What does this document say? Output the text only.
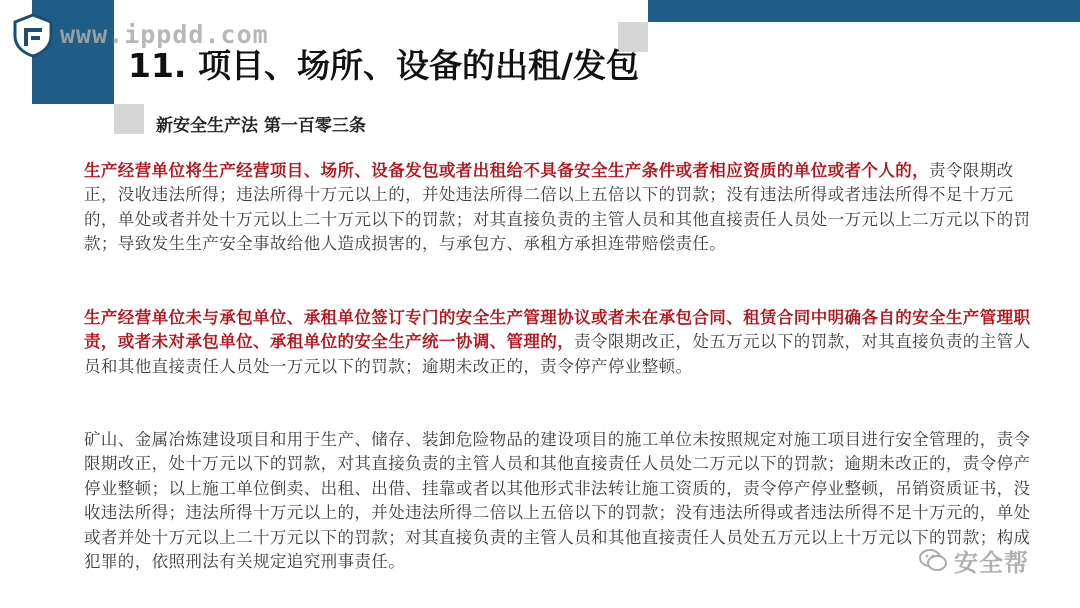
www.ippdd.com
11. 项目、场所、设备的出租/发包
新安全生产法 第一百零三条
生产经营单位将生产经营项目、场所、设备发包或者出租给不具备安全生产条件或者相应资质的单位或者个人的，责令限期改正，没收违法所得；违法所得十万元以上的，并处违法所得二倍以上五倍以下的罚款；没有违法所得或者违法所得不足十万元的，单处或者并处十万元以上二十万元以下的罚款；对其直接负责的主管人员和其他直接责任人员处一万元以上二万元以下的罚款；导致发生生产安全事故给他人造成损害的，与承包方、承租方承担连带赔偿责任。
生产经营单位未与承包单位、承租单位签订专门的安全生产管理协议或者未在承包合同、租赁合同中明确各自的安全生产管理职责，或者未对承包单位、承租单位的安全生产统一协调、管理的，责令限期改正，处五万元以下的罚款，对其直接负责的主管人员和其他直接责任人员处一万元以下的罚款；逾期未改正的，责令停产停业整顿。
矿山、金属冶炼建设项目和用于生产、储存、装卸危险物品的建设项目的施工单位未按照规定对施工项目进行安全管理的，责令限期改正，处十万元以下的罚款，对其直接负责的主管人员和其他直接责任人员处二万元以下的罚款；逾期未改正的，责令停产停业整顿；以上施工单位倒卖、出租、出借、挂靠或者以其他形式非法转让施工资质的，责令停产停业整顿，吊销资质证书，没收违法所得；违法所得十万元以上的，并处违法所得二倍以上五倍以下的罚款；没有违法所得或者违法所得不足十万元的，单处或者并处十万元以上二十万元以下的罚款；对其直接负责的主管人员和其他直接责任人员处五万元以上十万元以下的罚款；构成犯罪的，依照刑法有关规定追究刑事责任。	安全帮
